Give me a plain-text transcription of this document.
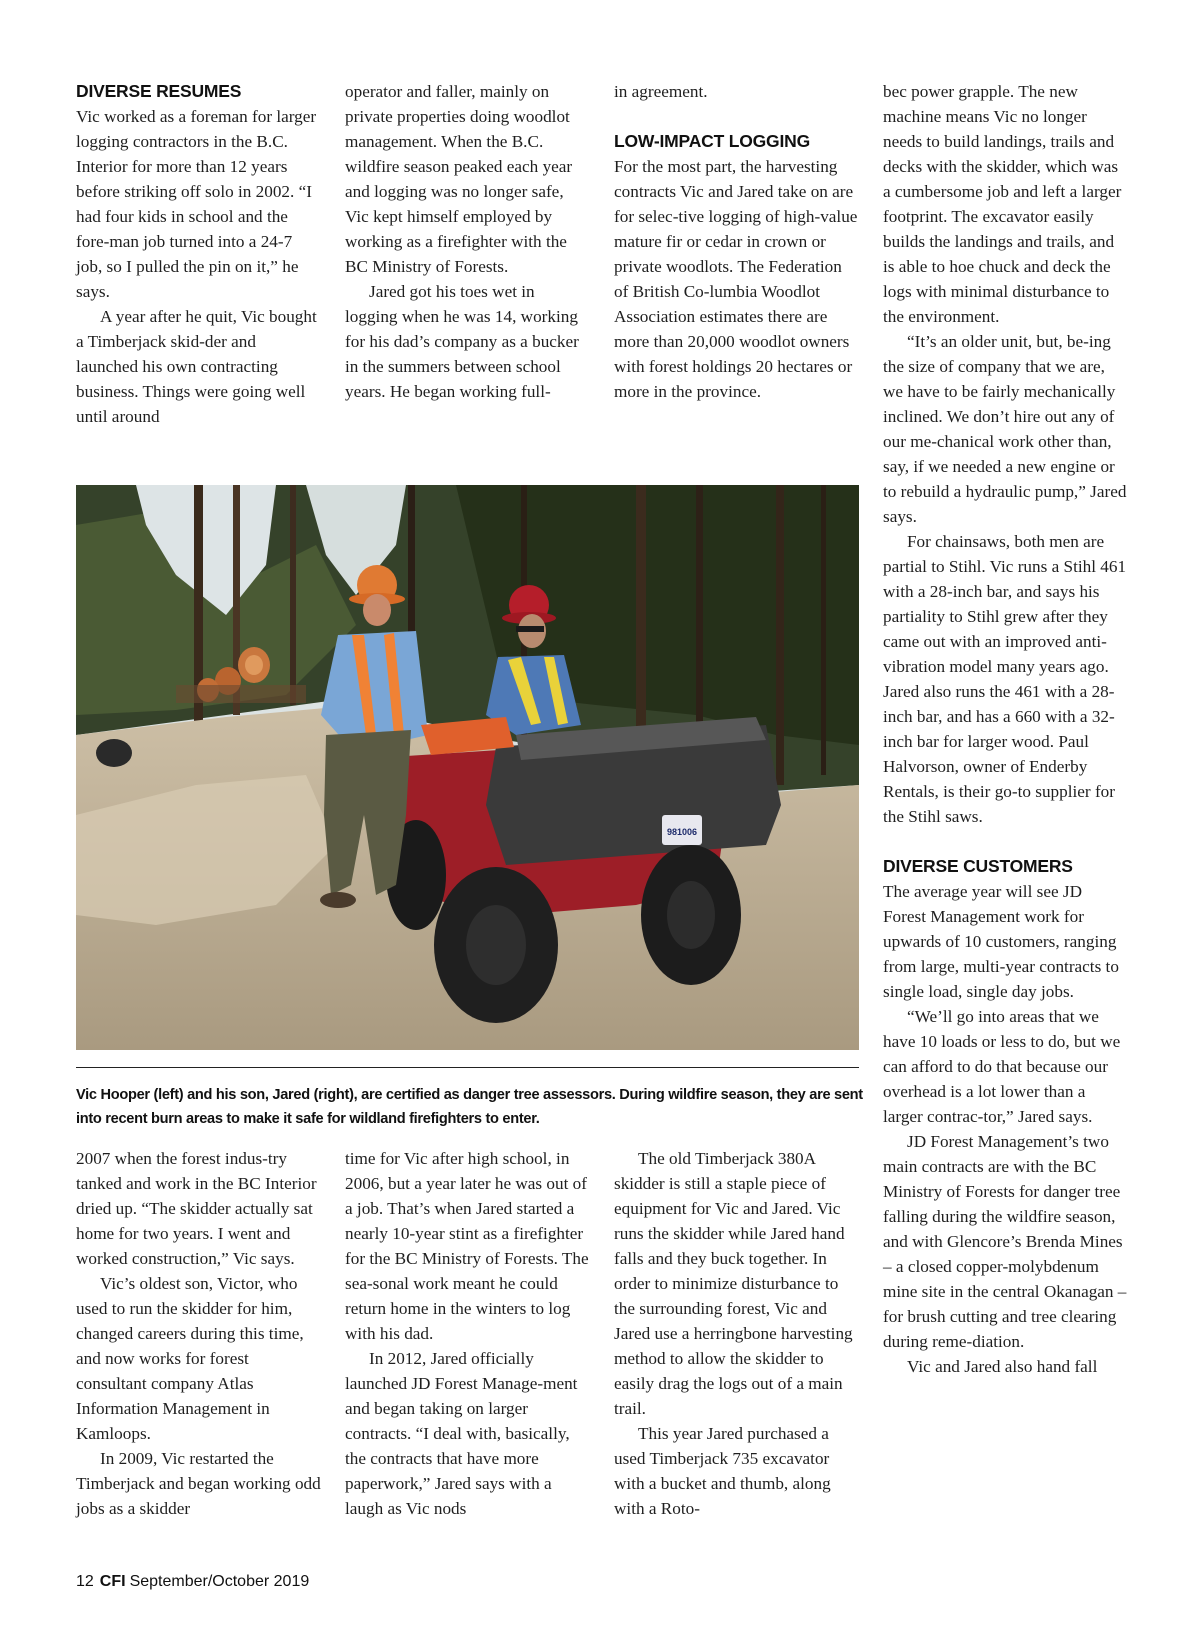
DIVERSE RESUMES

Vic worked as a foreman for larger logging contractors in the B.C. Interior for more than 12 years before striking off solo in 2002. “I had four kids in school and the fore-man job turned into a 24-7 job, so I pulled the pin on it,” he says.

A year after he quit, Vic bought a Timberjack skid-der and launched his own contracting business. Things were going well until around

operator and faller, mainly on private properties doing woodlot management. When the B.C. wildfire season peaked each year and logging was no longer safe, Vic kept himself employed by working as a firefighter with the BC Ministry of Forests.

Jared got his toes wet in logging when he was 14, working for his dad’s company as a bucker in the summers between school years. He began working full-

in agreement.

LOW-IMPACT LOGGING

For the most part, the harvesting contracts Vic and Jared take on are for selec-tive logging of high-value mature fir or cedar in crown or private woodlots. The Federation of British Co-lumbia Woodlot Association estimates there are more than 20,000 woodlot owners with forest holdings 20 hectares or more in the province.

bec power grapple. The new machine means Vic no longer needs to build landings, trails and decks with the skidder, which was a cumbersome job and left a larger footprint. The excavator easily builds the landings and trails, and is able to hoe chuck and deck the logs with minimal disturbance to the environment.

“It’s an older unit, but, be-ing the size of company that we are, we have to be fairly mechanically inclined. We don’t hire out any of our me-chanical work other than, say, if we needed a new engine or to rebuild a hydraulic pump,” Jared says.

For chainsaws, both men are partial to Stihl. Vic runs a Stihl 461 with a 28-inch bar, and says his partiality to Stihl grew after they came out with an improved anti-vibration model many years ago. Jared also runs the 461 with a 28-inch bar, and has a 660 with a 32-inch bar for larger wood. Paul Halvorson, owner of Enderby Rentals, is their go-to supplier for the Stihl saws.

DIVERSE CUSTOMERS

The average year will see JD Forest Management work for upwards of 10 customers, ranging from large, multi-year contracts to single load, single day jobs.

“We’ll go into areas that we have 10 loads or less to do, but we can afford to do that because our overhead is a lot lower than a larger contrac-tor,” Jared says.

JD Forest Management’s two main contracts are with the BC Ministry of Forests for danger tree falling during the wildfire season, and with Glencore’s Brenda Mines – a closed copper-molybdenum mine site in the central Okanagan – for brush cutting and tree clearing during reme-diation.

Vic and Jared also hand fall

981006
Vic Hooper (left) and his son, Jared (right), are certified as danger tree assessors. During wildfire season, they are sent into recent burn areas to make it safe for wildland firefighters to enter.

2007 when the forest indus-try tanked and work in the BC Interior dried up. “The skidder actually sat home for two years. I went and worked construction,” Vic says.

Vic’s oldest son, Victor, who used to run the skidder for him, changed careers during this time, and now works for forest consultant company Atlas Information Management in Kamloops.

In 2009, Vic restarted the Timberjack and began working odd jobs as a skidder

time for Vic after high school, in 2006, but a year later he was out of a job. That’s when Jared started a nearly 10-year stint as a firefighter for the BC Ministry of Forests. The sea-sonal work meant he could return home in the winters to log with his dad.

In 2012, Jared officially launched JD Forest Manage-ment and began taking on larger contracts. “I deal with, basically, the contracts that have more paperwork,” Jared says with a laugh as Vic nods

The old Timberjack 380A skidder is still a staple piece of equipment for Vic and Jared. Vic runs the skidder while Jared hand falls and they buck together. In order to minimize disturbance to the surrounding forest, Vic and Jared use a herringbone harvesting method to allow the skidder to easily drag the logs out of a main trail.

This year Jared purchased a used Timberjack 735 excavator with a bucket and thumb, along with a Roto-

12 CFI September/October 2019
